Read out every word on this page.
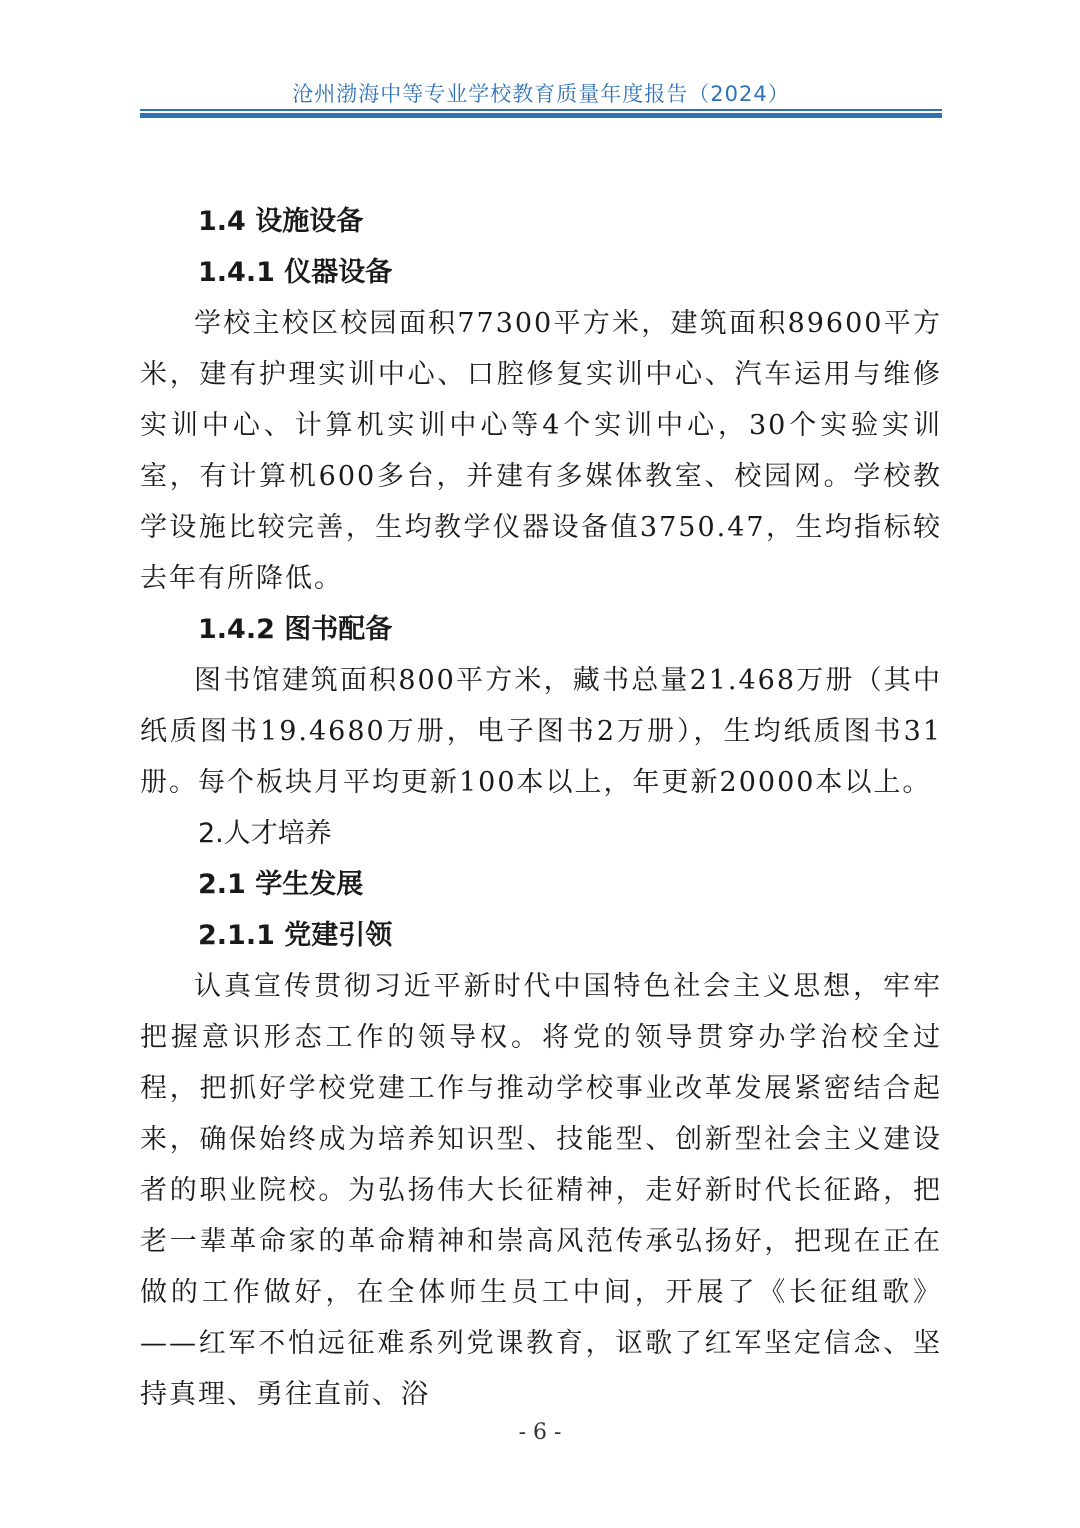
沧州渤海中等专业学校教育质量年度报告（2024）
1.4 设施设备
1.4.1 仪器设备

学校主校区校园面积77300平方米，建筑面积89600平方米，建有护理实训中心、口腔修复实训中心、汽车运用与维修实训中心、计算机实训中心等4个实训中心，30个实验实训室，有计算机600多台，并建有多媒体教室、校园网。学校教学设施比较完善，生均教学仪器设备值3750.47，生均指标较去年有所降低。

1.4.2 图书配备

图书馆建筑面积800平方米，藏书总量21.468万册（其中纸质图书19.4680万册，电子图书2万册），生均纸质图书31册。每个板块月平均更新100本以上，年更新20000本以上。

2.人才培养
2.1 学生发展
2.1.1 党建引领

认真宣传贯彻习近平新时代中国特色社会主义思想，牢牢把握意识形态工作的领导权。将党的领导贯穿办学治校全过程，把抓好学校党建工作与推动学校事业改革发展紧密结合起来，确保始终成为培养知识型、技能型、创新型社会主义建设者的职业院校。为弘扬伟大长征精神，走好新时代长征路，把老一辈革命家的革命精神和崇高风范传承弘扬好，把现在正在做的工作做好，在全体师生员工中间，开展了《长征组歌》——红军不怕远征难系列党课教育，讴歌了红军坚定信念、坚持真理、勇往直前、浴

- 6 -
